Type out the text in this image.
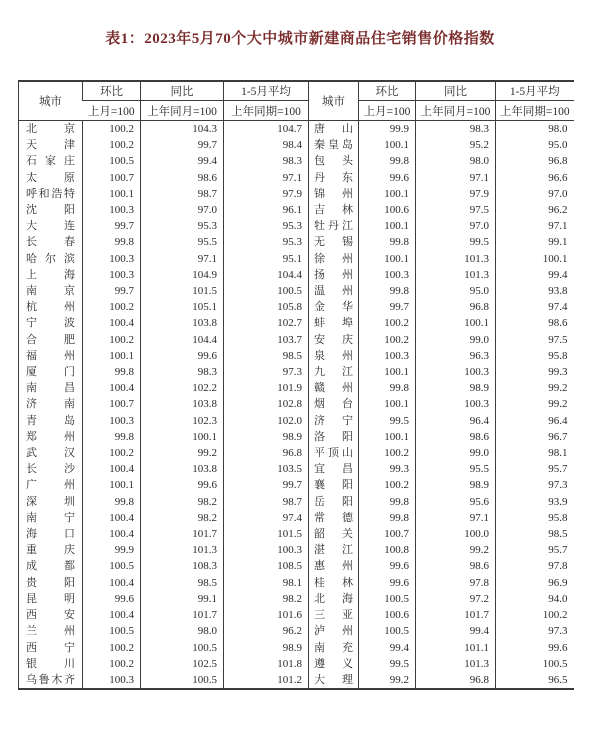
表1：2023年5月70个大中城市新建商品住宅销售价格指数
城市	环比	同比	1-5月平均	城市	环比	同比	1-5月平均
	上月=100	上年同月=100	上年同期=100		上月=100	上年同月=100	上年同期=100

北京	100.2	104.3	104.7	唐山	99.9	98.3	98.0

天津	100.2	99.7	98.4	秦皇岛	100.1	95.2	95.0

石家庄	100.5	99.4	98.3	包头	99.8	98.0	96.8

太原	100.7	98.6	97.1	丹东	99.6	97.1	96.6

呼和浩特	100.1	98.7	97.9	锦州	100.1	97.9	97.0

沈阳	100.3	97.0	96.1	吉林	100.6	97.5	96.2

大连	99.7	95.3	95.3	牡丹江	100.1	97.0	97.1

长春	99.8	95.5	95.3	无锡	99.8	99.5	99.1

哈尔滨	100.3	97.1	95.1	徐州	100.1	101.3	100.1

上海	100.3	104.9	104.4	扬州	100.3	101.3	99.4

南京	99.7	101.5	100.5	温州	99.8	95.0	93.8

杭州	100.2	105.1	105.8	金华	99.7	96.8	97.4

宁波	100.4	103.8	102.7	蚌埠	100.2	100.1	98.6

合肥	100.2	104.4	103.7	安庆	100.2	99.0	97.5

福州	100.1	99.6	98.5	泉州	100.3	96.3	95.8

厦门	99.8	98.3	97.3	九江	100.1	100.3	99.3

南昌	100.4	102.2	101.9	赣州	99.8	98.9	99.2

济南	100.7	103.8	102.8	烟台	100.1	100.3	99.2

青岛	100.3	102.3	102.0	济宁	99.5	96.4	96.4

郑州	99.8	100.1	98.9	洛阳	100.1	98.6	96.7

武汉	100.2	99.2	96.8	平顶山	100.2	99.0	98.1

长沙	100.4	103.8	103.5	宜昌	99.3	95.5	95.7

广州	100.1	99.6	99.7	襄阳	100.2	98.9	97.3

深圳	99.8	98.2	98.7	岳阳	99.8	95.6	93.9

南宁	100.4	98.2	97.4	常德	99.8	97.1	95.8

海口	100.4	101.7	101.5	韶关	100.7	100.0	98.5

重庆	99.9	101.3	100.3	湛江	100.8	99.2	95.7

成都	100.5	108.3	108.5	惠州	99.6	98.6	97.8

贵阳	100.4	98.5	98.1	桂林	99.6	97.8	96.9

昆明	99.6	99.1	98.2	北海	100.5	97.2	94.0

西安	100.4	101.7	101.6	三亚	100.6	101.7	100.2

兰州	100.5	98.0	96.2	泸州	100.5	99.4	97.3

西宁	100.2	100.5	98.9	南充	99.4	101.1	99.6

银川	100.2	102.5	101.8	遵义	99.5	101.3	100.5

乌鲁木齐	100.3	100.5	101.2	大理	99.2	96.8	96.5
